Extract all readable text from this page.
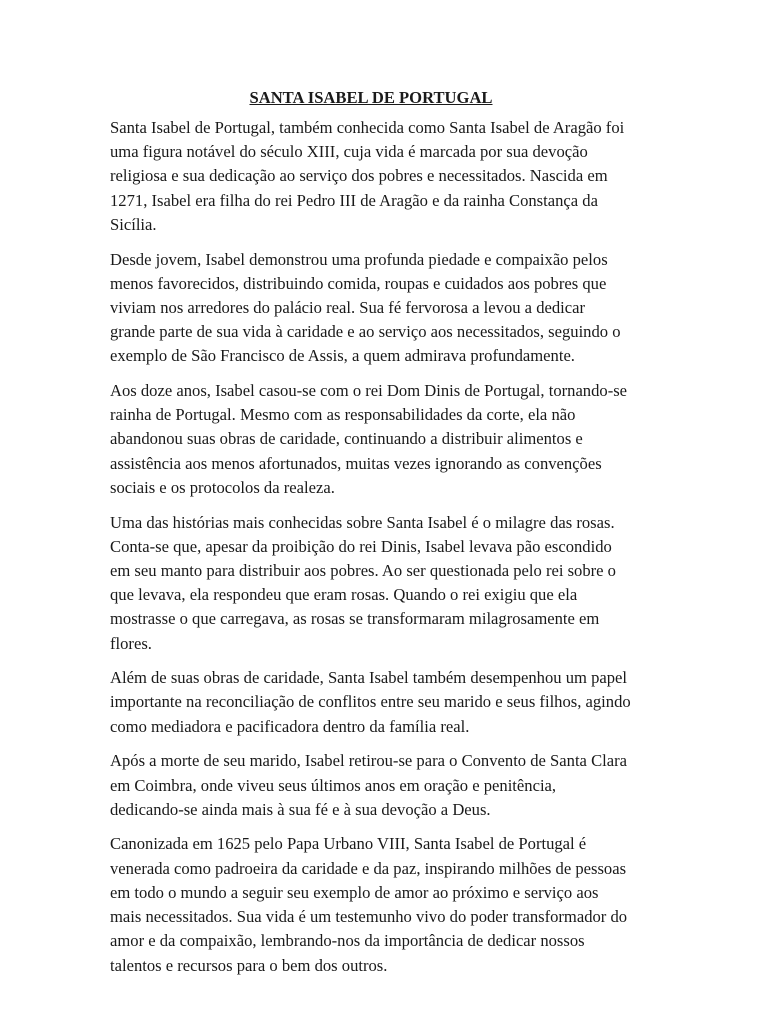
SANTA ISABEL DE PORTUGAL

Santa Isabel de Portugal, também conhecida como Santa Isabel de Aragão foi uma figura notável do século XIII, cuja vida é marcada por sua devoção religiosa e sua dedicação ao serviço dos pobres e necessitados. Nascida em 1271, Isabel era filha do rei Pedro III de Aragão e da rainha Constança da Sicília.

Desde jovem, Isabel demonstrou uma profunda piedade e compaixão pelos menos favorecidos, distribuindo comida, roupas e cuidados aos pobres que viviam nos arredores do palácio real. Sua fé fervorosa a levou a dedicar grande parte de sua vida à caridade e ao serviço aos necessitados, seguindo o exemplo de São Francisco de Assis, a quem admirava profundamente.

Aos doze anos, Isabel casou-se com o rei Dom Dinis de Portugal, tornando-se rainha de Portugal. Mesmo com as responsabilidades da corte, ela não abandonou suas obras de caridade, continuando a distribuir alimentos e assistência aos menos afortunados, muitas vezes ignorando as convenções sociais e os protocolos da realeza.

Uma das histórias mais conhecidas sobre Santa Isabel é o milagre das rosas. Conta-se que, apesar da proibição do rei Dinis, Isabel levava pão escondido em seu manto para distribuir aos pobres. Ao ser questionada pelo rei sobre o que levava, ela respondeu que eram rosas. Quando o rei exigiu que ela mostrasse o que carregava, as rosas se transformaram milagrosamente em flores.

Além de suas obras de caridade, Santa Isabel também desempenhou um papel importante na reconciliação de conflitos entre seu marido e seus filhos, agindo como mediadora e pacificadora dentro da família real.

Após a morte de seu marido, Isabel retirou-se para o Convento de Santa Clara em Coimbra, onde viveu seus últimos anos em oração e penitência, dedicando-se ainda mais à sua fé e à sua devoção a Deus.

Canonizada em 1625 pelo Papa Urbano VIII, Santa Isabel de Portugal é venerada como padroeira da caridade e da paz, inspirando milhões de pessoas em todo o mundo a seguir seu exemplo de amor ao próximo e serviço aos mais necessitados. Sua vida é um testemunho vivo do poder transformador do amor e da compaixão, lembrando-nos da importância de dedicar nossos talentos e recursos para o bem dos outros.
